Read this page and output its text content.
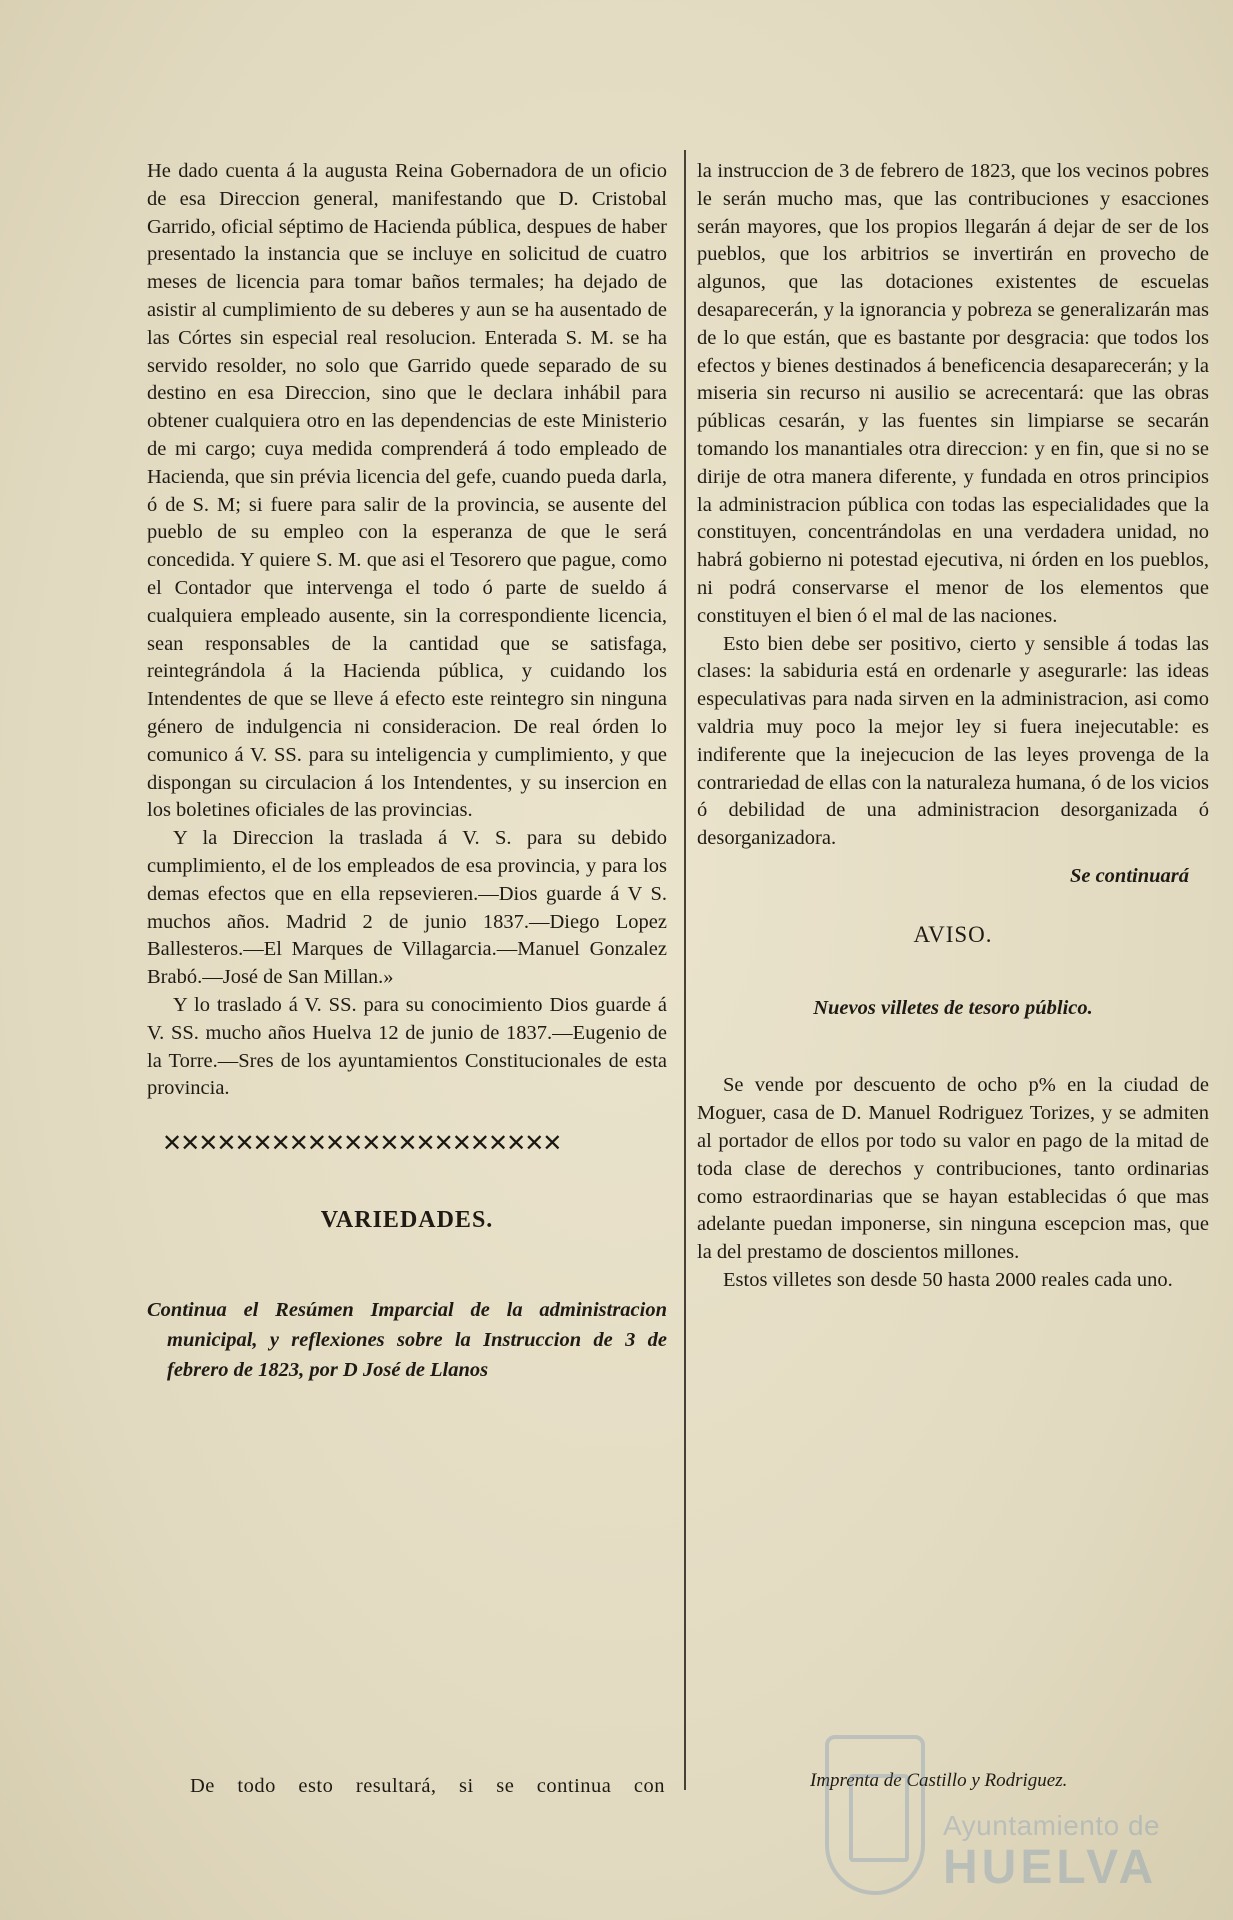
He dado cuenta á la augusta Reina Gobernadora de un oficio de esa Direccion general, manifestando que D. Cristobal Garrido, oficial séptimo de Hacienda pública, despues de haber presentado la instancia que se incluye en solicitud de cuatro meses de licencia para tomar baños termales; ha dejado de asistir al cumplimiento de su deberes y aun se ha ausentado de las Córtes sin especial real resolucion. Enterada S. M. se ha servido resolder, no solo que Garrido quede separado de su destino en esa Direccion, sino que le declara inhábil para obtener cualquiera otro en las dependencias de este Ministerio de mi cargo; cuya medida comprenderá á todo empleado de Hacienda, que sin prévia licencia del gefe, cuando pueda darla, ó de S. M; si fuere para salir de la provincia, se ausente del pueblo de su empleo con la esperanza de que le será concedida. Y quiere S. M. que asi el Tesorero que pague, como el Contador que intervenga el todo ó parte de sueldo á cualquiera empleado ausente, sin la correspondiente licencia, sean responsables de la cantidad que se satisfaga, reintegrándola á la Hacienda pública, y cuidando los Intendentes de que se lleve á efecto este reintegro sin ninguna género de indulgencia ni consideracion. De real órden lo comunico á V. SS. para su inteligencia y cumplimiento, y que dispongan su circulacion á los Intendentes, y su insercion en los boletines oficiales de las provincias.

Y la Direccion la traslada á V. S. para su debido cumplimiento, el de los empleados de esa provincia, y para los demas efectos que en ella repsevieren.—Dios guarde á V S. muchos años. Madrid 2 de junio 1837.—Diego Lopez Ballesteros.—El Marques de Villagarcia.—Manuel Gonzalez Brabó.—José de San Millan.»

Y lo traslado á V. SS. para su conocimiento Dios guarde á V. SS. mucho años Huelva 12 de junio de 1837.—Eugenio de la Torre.—Sres de los ayuntamientos Constitucionales de esta provincia.

✕✕✕✕✕✕✕✕✕✕✕✕✕✕✕✕✕✕✕✕✕✕
VARIEDADES.

Continua el Resúmen Imparcial de la administracion municipal, y reflexiones sobre la Instruccion de 3 de febrero de 1823, por D José de Llanos

De todo esto resultará, si se continua con

la instruccion de 3 de febrero de 1823, que los vecinos pobres le serán mucho mas, que las contribuciones y esacciones serán mayores, que los propios llegarán á dejar de ser de los pueblos, que los arbitrios se invertirán en provecho de algunos, que las dotaciones existentes de escuelas desaparecerán, y la ignorancia y pobreza se generalizarán mas de lo que están, que es bastante por desgracia: que todos los efectos y bienes destinados á beneficencia desaparecerán; y la miseria sin recurso ni ausilio se acrecentará: que las obras públicas cesarán, y las fuentes sin limpiarse se secarán tomando los manantiales otra direccion: y en fin, que si no se dirije de otra manera diferente, y fundada en otros principios la administracion pública con todas las especialidades que la constituyen, concentrándolas en una verdadera unidad, no habrá gobierno ni potestad ejecutiva, ni órden en los pueblos, ni podrá conservarse el menor de los elementos que constituyen el bien ó el mal de las naciones.

Esto bien debe ser positivo, cierto y sensible á todas las clases: la sabiduria está en ordenarle y asegurarle: las ideas especulativas para nada sirven en la administracion, asi como valdria muy poco la mejor ley si fuera inejecutable: es indiferente que la inejecucion de las leyes provenga de la contrariedad de ellas con la naturaleza humana, ó de los vicios ó debilidad de una administracion desorganizada ó desorganizadora.

Se continuará
AVISO.
Nuevos villetes de tesoro público.

Se vende por descuento de ocho p% en la ciudad de Moguer, casa de D. Manuel Rodriguez Torizes, y se admiten al portador de ellos por todo su valor en pago de la mitad de toda clase de derechos y contribuciones, tanto ordinarias como estraordinarias que se hayan establecidas ó que mas adelante puedan imponerse, sin ninguna escepcion mas, que la del prestamo de doscientos millones.

Estos villetes son desde 50 hasta 2000 reales cada uno.

Imprenta de Castillo y Rodriguez.
Ayuntamiento de
HUELVA
